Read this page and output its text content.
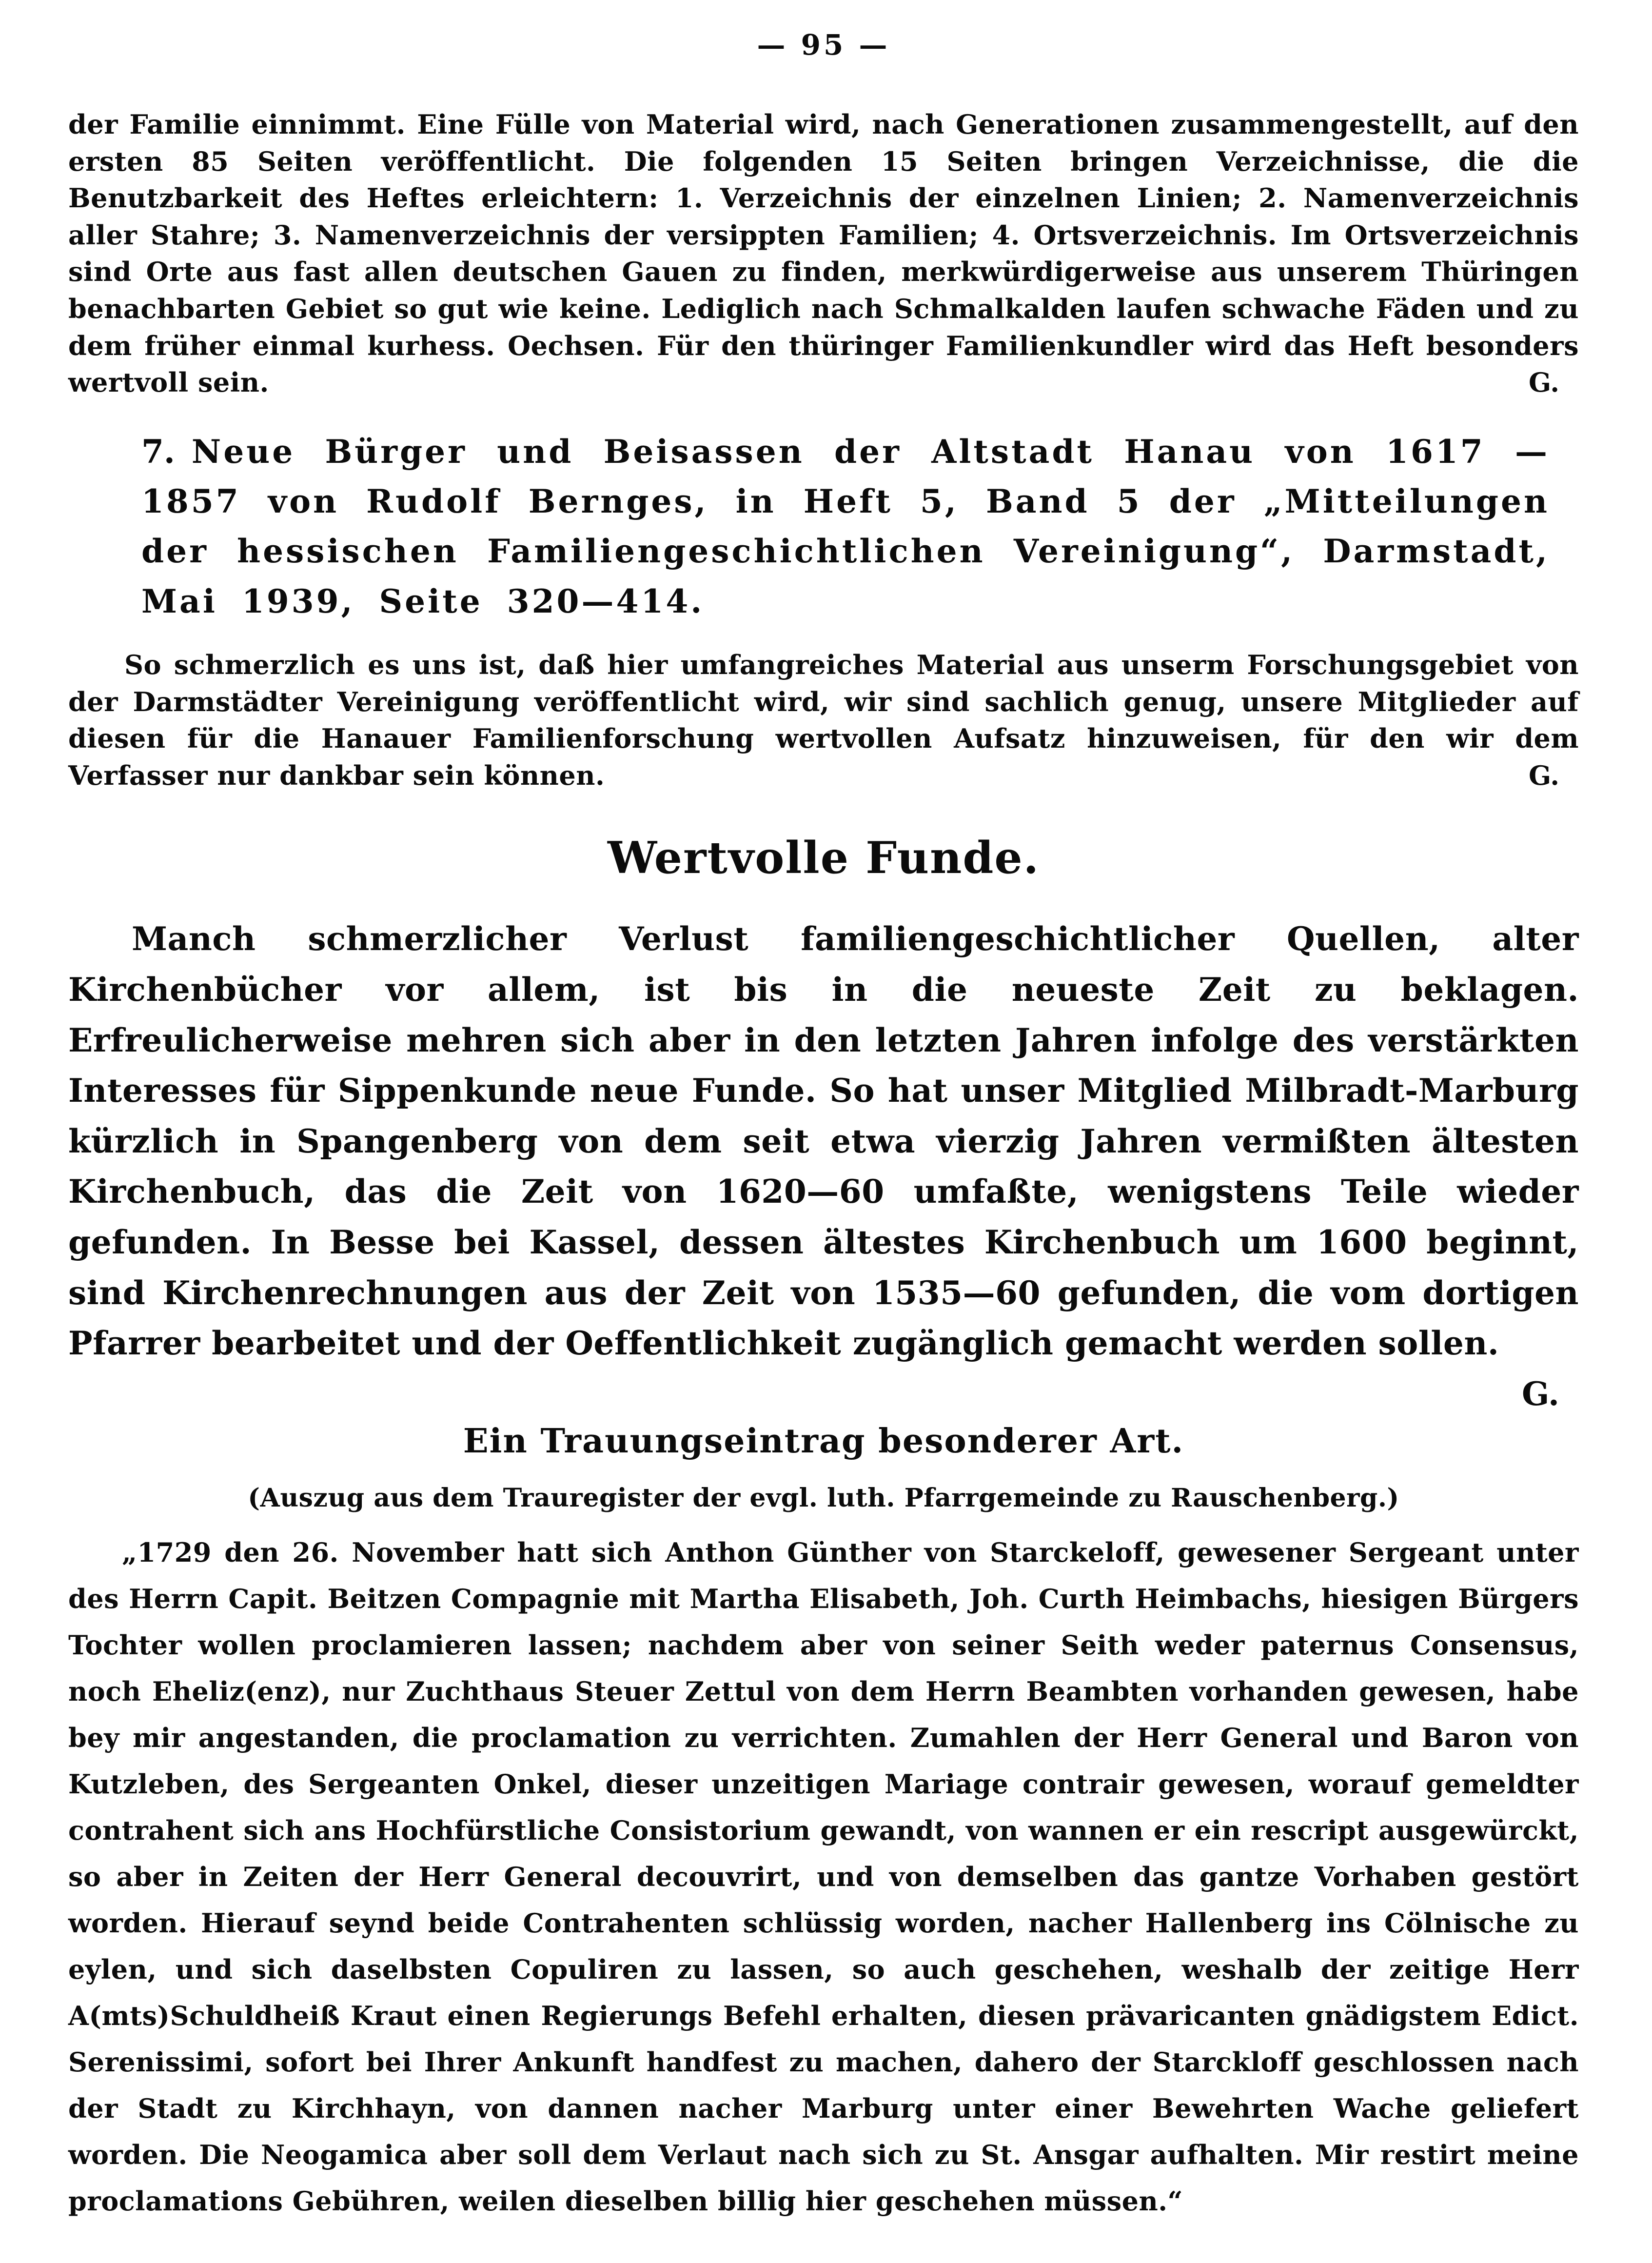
— 95 —

der Familie einnimmt. Eine Fülle von Material wird, nach Generationen zusammengestellt, auf den ersten 85 Seiten veröffentlicht. Die folgenden 15 Seiten bringen Verzeichnisse, die die Benutzbarkeit des Heftes erleichtern: 1. Verzeichnis der einzelnen Linien; 2. Namenverzeichnis aller Stahre; 3. Namenverzeichnis der versippten Familien; 4. Ortsverzeichnis. Im Ortsverzeichnis sind Orte aus fast allen deutschen Gauen zu finden, merkwürdigerweise aus unserem Thüringen benachbarten Gebiet so gut wie keine. Lediglich nach Schmalkalden laufen schwache Fäden und zu dem früher einmal kurhess. Oechsen. Für den thüringer Familienkundler wird das Heft besonders wertvoll sein.	G.

7. Neue Bürger und Beisassen der Altstadt Hanau von 1617 — 1857 von Rudolf Bernges, in Heft 5, Band 5 der „Mitteilungen der hessischen Familiengeschichtlichen Vereinigung“, Darmstadt, Mai 1939, Seite 320—414.

So schmerzlich es uns ist, daß hier umfangreiches Material aus unserm Forschungsgebiet von der Darmstädter Vereinigung veröffentlicht wird, wir sind sachlich genug, unsere Mitglieder auf diesen für die Hanauer Familienforschung wertvollen Aufsatz hinzuweisen, für den wir dem Verfasser nur dankbar sein können.	G.

Wertvolle Funde.

Manch schmerzlicher Verlust familiengeschichtlicher Quellen, alter Kirchenbücher vor allem, ist bis in die neueste Zeit zu beklagen. Erfreulicherweise mehren sich aber in den letzten Jahren infolge des verstärkten Interesses für Sippenkunde neue Funde. So hat unser Mitglied Milbradt-Marburg kürzlich in Spangenberg von dem seit etwa vierzig Jahren vermißten ältesten Kirchenbuch, das die Zeit von 1620—60 umfaßte, wenigstens Teile wieder gefunden. In Besse bei Kassel, dessen ältestes Kirchenbuch um 1600 beginnt, sind Kirchenrechnungen aus der Zeit von 1535—60 gefunden, die vom dortigen Pfarrer bearbeitet und der Oeffentlichkeit zugänglich gemacht werden sollen.
G.

Ein Trauungseintrag besonderer Art.
(Auszug aus dem Trauregister der evgl. luth. Pfarrgemeinde zu Rauschenberg.)

„1729 den 26. November hatt sich Anthon Günther von Starckeloff, gewesener Sergeant unter des Herrn Capit. Beitzen Compagnie mit Martha Elisabeth, Joh. Curth Heimbachs, hiesigen Bürgers Tochter wollen proclamieren lassen; nachdem aber von seiner Seith weder paternus Consensus, noch Eheliz(enz), nur Zuchthaus Steuer Zettul von dem Herrn Beambten vorhanden gewesen, habe bey mir angestanden, die proclamation zu verrichten. Zumahlen der Herr General und Baron von Kutzleben, des Sergeanten Onkel, dieser unzeitigen Mariage contrair gewesen, worauf gemeldter contrahent sich ans Hochfürstliche Consistorium gewandt, von wannen er ein rescript ausgewürckt, so aber in Zeiten der Herr General decouvrirt, und von demselben das gantze Vorhaben gestört worden. Hierauf seynd beide Contrahenten schlüssig worden, nacher Hallenberg ins Cölnische zu eylen, und sich daselbsten Copuliren zu lassen, so auch geschehen, weshalb der zeitige Herr A(mts)Schuldheiß Kraut einen Regierungs Befehl erhalten, diesen prävaricanten gnädigstem Edict. Serenissimi, sofort bei Ihrer Ankunft handfest zu machen, dahero der Starckloff geschlossen nach der Stadt zu Kirchhayn, von dannen nacher Marburg unter einer Bewehrten Wache geliefert worden. Die Neogamica aber soll dem Verlaut nach sich zu St. Ansgar aufhalten. Mir restirt meine proclamations Gebühren, weilen dieselben billig hier geschehen müssen.“
